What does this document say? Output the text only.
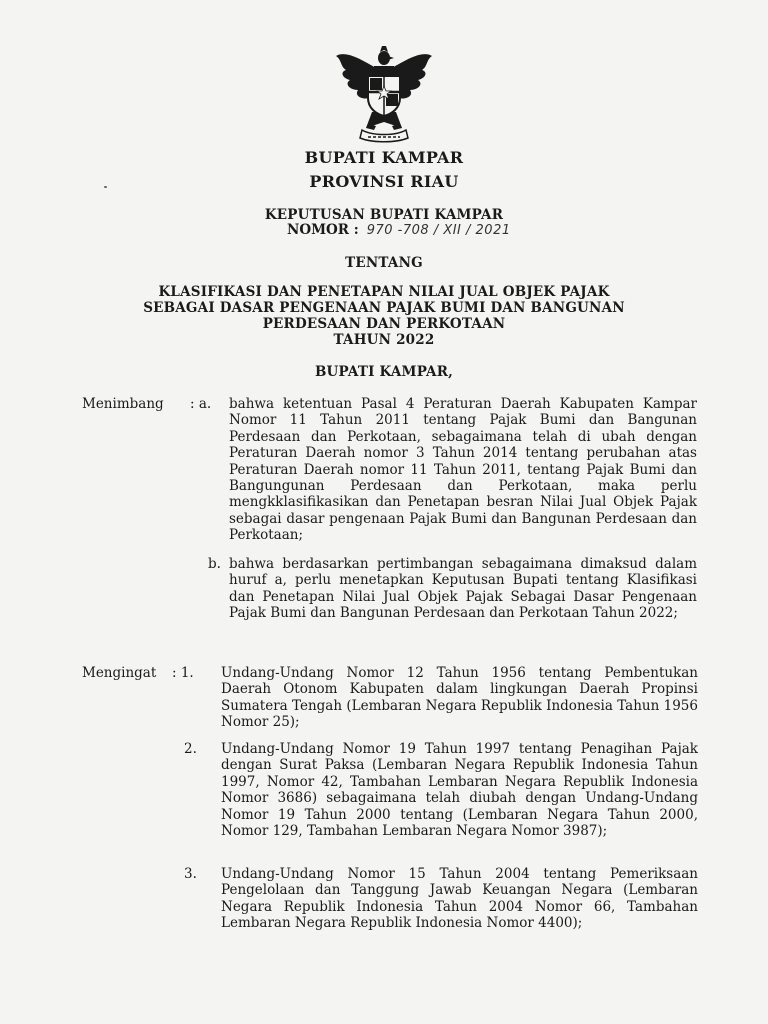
BUPATI KAMPAR
PROVINSI RIAU
KEPUTUSAN BUPATI KAMPAR
NOMOR : 970 -708 / XII / 2021
TENTANG
KLASIFIKASI DAN PENETAPAN NILAI JUAL OBJEK PAJAK
SEBAGAI DASAR PENGENAAN PAJAK BUMI DAN BANGUNAN
PERDESAAN DAN PERKOTAAN
TAHUN 2022
BUPATI KAMPAR,
Menimbang : a. bahwa ketentuan Pasal 4 Peraturan Daerah Kabupaten Kampar Nomor 11 Tahun 2011 tentang Pajak Bumi dan Bangunan Perdesaan dan Perkotaan, sebagaimana telah di ubah dengan Peraturan Daerah nomor 3 Tahun 2014 tentang perubahan atas Peraturan Daerah nomor 11 Tahun 2011, tentang Pajak Bumi dan Bangungunan Perdesaan dan Perkotaan, maka perlu mengkklasifikasikan dan Penetapan besran Nilai Jual Objek Pajak sebagai dasar pengenaan Pajak Bumi dan Bangunan Perdesaan dan Perkotaan;

b. bahwa berdasarkan pertimbangan sebagaimana dimaksud dalam huruf a, perlu menetapkan Keputusan Bupati tentang Klasifikasi dan Penetapan Nilai Jual Objek Pajak Sebagai Dasar Pengenaan Pajak Bumi dan Bangunan Perdesaan dan Perkotaan Tahun 2022;

Mengingat : 1. Undang-Undang Nomor 12 Tahun 1956 tentang Pembentukan Daerah Otonom Kabupaten dalam lingkungan Daerah Propinsi Sumatera Tengah (Lembaran Negara Republik Indonesia Tahun 1956 Nomor 25);

2. Undang-Undang Nomor 19 Tahun 1997 tentang Penagihan Pajak dengan Surat Paksa (Lembaran Negara Republik Indonesia Tahun 1997, Nomor 42, Tambahan Lembaran Negara Republik Indonesia Nomor 3686) sebagaimana telah diubah dengan Undang-Undang Nomor 19 Tahun 2000 tentang (Lembaran Negara Tahun 2000, Nomor 129, Tambahan Lembaran Negara Nomor 3987);

3. Undang-Undang Nomor 15 Tahun 2004 tentang Pemeriksaan Pengelolaan dan Tanggung Jawab Keuangan Negara (Lembaran Negara Republik Indonesia Tahun 2004 Nomor 66, Tambahan Lembaran Negara Republik Indonesia Nomor 4400);
